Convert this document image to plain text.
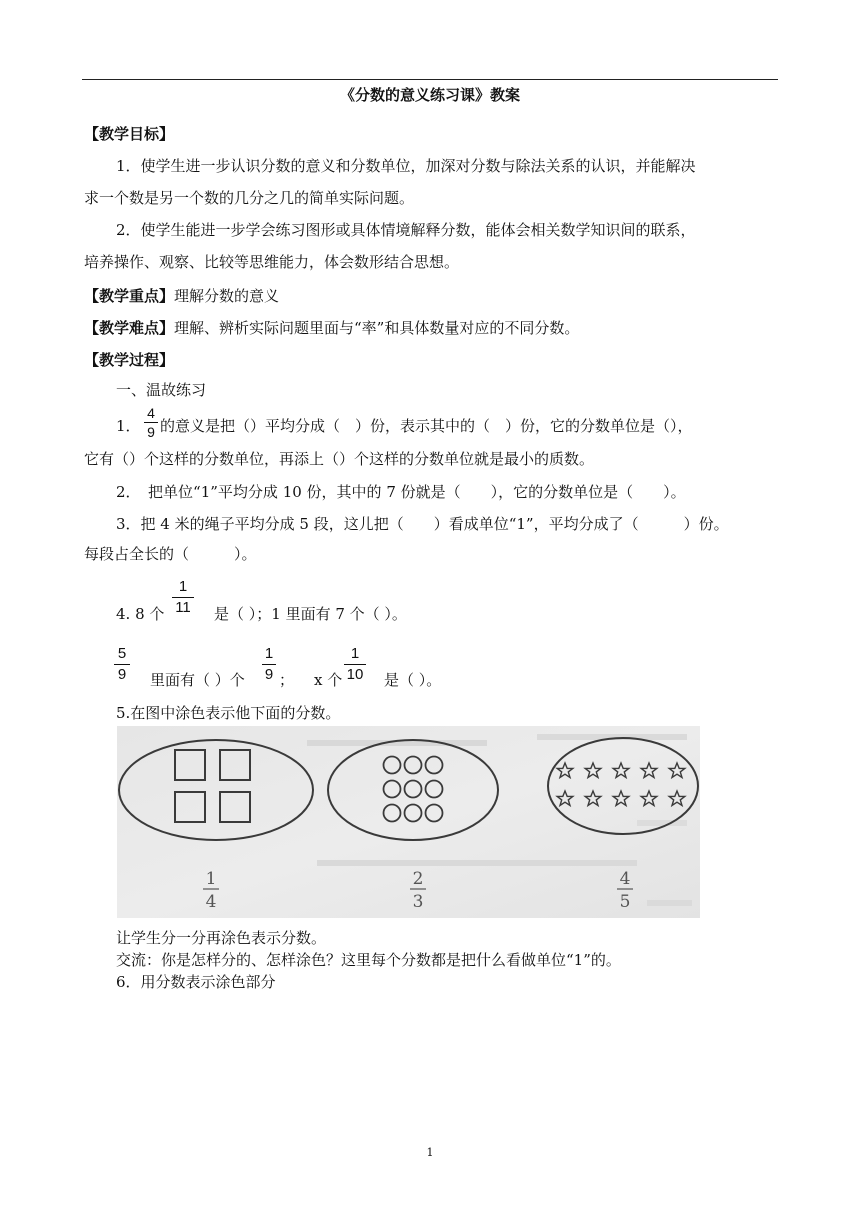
《分数的意义练习课》教案
【教学目标】
1．使学生进一步认识分数的意义和分数单位，加深对分数与除法关系的认识，并能解决
求一个数是另一个数的几分之几的简单实际问题。
2．使学生能进一步学会练习图形或具体情境解释分数，能体会相关数学知识间的联系，
培养操作、观察、比较等思维能力，体会数形结合思想。
【教学重点】理解分数的意义
【教学难点】理解、辨析实际问题里面与“率”和具体数量对应的不同分数。
【教学过程】
一、温故练习
1．
4
9 的意义是把（）平均分成（　）份，表示其中的（　）份，它的分数单位是（），
它有（）个这样的分数单位，再添上（）个这样的分数单位就是最小的质数。
2．　把单位“1”平均分成 10 份，其中的 7 份就是（　　），它的分数单位是（　　）。
3．把 4 米的绳子平均分成 5 段，这儿把（　　）看成单位“1”，平均分成了（　　　）份。
每段占全长的（　　　）。
4. 8 个
1
11 是（ ）；1 里面有 7 个（ ）。
5
9 里面有（ ）个
1
9 ； x 个
1
10 是（ ）。
5.在图中涂色表示他下面的分数。
1
4
2
3
4
5
让学生分一分再涂色表示分数。
交流：你是怎样分的、怎样涂色？这里每个分数都是把什么看做单位“1”的。
6．用分数表示涂色部分
1
